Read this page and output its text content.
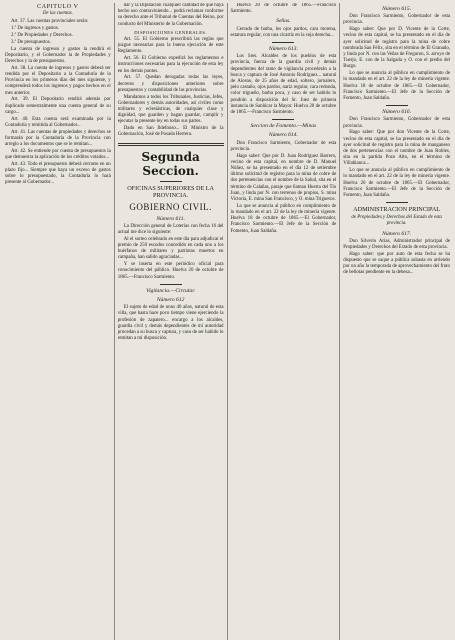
CAPITULO V
De las cuentas.

Art. 37. Las cuentas provinciales serán:

1.º De ingresos y gastos.

2.º De Propiedades y Derechos.

3.º De presupuestos.

La cuenta de ingresos y gastos la rendirá el Depositario, y el Gobernador la de Propiedades y Derechos y la de presupuestos.

Art. 38. La cuenta de ingresos y gastos deberá ser rendida por el Depositario a la Contaduría de la Provincia en los primeros días del mes siguiente, y comprenderá todos los ingresos y pagos hechos en el mes anterior.

Art. 39. El Depositario rendirá además por duplicado semestralmente una cuenta general de su cargo...

Art. 40. Esta cuenta será examinada por la Contaduría y remitida al Gobernador...

Art. 41. Las cuentas de propiedades y derechos se formarán por la Contaduría de la Provincia con arreglo a los documentos que se le remitan...

Art. 42. Se entiende por cuenta de presupuestos la que demuestra la aplicación de los créditos votados...

Art. 43. Todo el presupuesto deberá cerrarse en un plazo fijo... Siempre que haya un exceso de gastos sobre lo presupuestado, la Contaduría lo hará presente al Gobernador...

dar y la Diputación cualquier cantidad de que haya hecho uso contraviniendo... podrá reclamar conforme su derecho ante el Tribunal de Cuentas del Reino, por conducto del Ministerio de la Gobernación.

DISPOSICIONES GENERALES.

Art. 55. El Gobierno prescribirá las reglas que juzgue necesarias para la buena ejecución de este Reglamento.

Art. 56. El Gobierno expedirá los reglamentos e instrucciones necesarias para la ejecución de esta ley en los demás puntos.

Art. 57. Quedan derogadas todas las leyes, decretos y disposiciones anteriores sobre presupuestos y contabilidad de las provincias.

Mandamos a todos los Tribunales, Justicias, Jefes, Gobernadores y demás autoridades, así civiles como militares y eclesiásticas, de cualquier clase y dignidad, que guarden y hagan guardar, cumplir y ejecutar la presente ley en todas sus partes.

Dado en San Ildefonso... El Ministro de la Gobernación, José de Posada Herrera.

Segunda Seccion.
OFICINAS SUPERIORES DE LA PROVINCIA.
GOBIERNO CIVIL.
Número 611.

La Dirección general de Loterías con fecha 16 del actual me dice lo siguiente:

Al el sorteo celebrado en este día para adjudicar el premio de 250 escudos concedido en cada uno a los huérfanos de militares y patriotas muertos en campaña, han salido agraciadas...

Y se inserta en este periódico oficial para conocimiento del público. Huelva 20 de octubre de 1865.—Francisco Sarmiento.

Vigilancia.—Circular.
Número 612

El sujeto de edad de unos 40 años, natural de esta villa, que hasta hace poco tiempo viene ejerciendo la profesión de zapatero... encargo a los alcaldes, guardia civil y demás dependientes de mi autoridad procedan a su busca y captura, y caso de ser habido lo remitan a mi disposición.

Huelva 20 de octubre de 1865.—Francisco Sarmiento.

Señas.

Cerrado de barba, los ojos pardos, cara morena, estatura regular, con una cicatriz en la ceja derecha...

Número 613.

Los Sres. Alcaldes de los pueblos de esta provincia, fuerza de la guardia civil y demás dependientes del ramo de vigilancia procederán a la busca y captura de José Antonio Rodríguez... natural de Alosno, de 25 años de edad, soltero, jornalero, pelo castaño, ojos pardos, nariz regular, cara redonda, color trigueño, barba poca, y caso de ser habido lo pondrán a disposición del Sr. Juez de primera instancia de Sanlúcar la Mayor. Huelva 20 de octubre de 1865.—Francisco Sarmiento.

Seccion de Fomento.—Minas
Número 614.

Don Francisco Sarmiento, Gobernador de esta provincia.

Hago saber: Que por D. Juan Rodríguez Barrero, vecino de esta capital, en nombre de D. Manuel Núñez, se ha presentado en el día 12 de setiembre último solicitud de registro para la mina de cobre de dos pertenencias con el nombre de la Salud, sita en el término de Calañas, paraje que llaman Huerta del Tío Juan, y linda por N. con terrenos de propios, S. mina Victoria, E. mina San Francisco, y O. mina Trigueros.

Lo que se anuncia al público en cumplimiento de lo mandado en el art. 22 de la ley de minería vigente. Huelva 18 de octubre de 1865.—El Gobernador, Francisco Sarmiento.—El Jefe de la Sección de Fomento, Juan Saldaña.

Número 615.

Don Francisco Sarmiento, Gobernador de esta provincia.

Hago saber: Que por D. Vicente de la Corte, vecino de esta capital, se ha presentado en el día de ayer solicitud de registro para la mina de cobre nombrada San Félix, sita en el término de El Granado, y linda por N. con las Veñas de Freguron, S. arroyo de Tuerjo, E. con de la Salgada y O. con el predio del Burgo.

Lo que se anuncia al público en cumplimiento de lo mandado en el art. 22 de la ley de minería vigente. Huelva 18 de octubre de 1865.—El Gobernador, Francisco Sarmiento.—El Jefe de la Sección de Fomento, Juan Saldaña.

Número 616.

Don Francisco Sarmiento, Gobernador de esta provincia.

Hago saber: Que por don Vicente de la Corte, vecino de esta capital, se ha presentado en el día de ayer solicitud de registro para la mina de manganeso de dos pertenencias con el nombre de Juan Robles, sita en la partida Pozo Alto, en el término de Villablanca...

Lo que se anuncia al público en cumplimiento de lo mandado en el art. 22 de la ley de minería vigente. Huelva 20 de octubre de 1865.—El Gobernador, Francisco Sarmiento.—El Jefe de la Sección de Fomento, Juan Saldaña.

ADMINISTRACION PRINCIPAL
de Propiedades y Derechos del Estado de esta provincia.
Número 617.

Don Silverio Arias, Administrador principal de Propiedades y Derechos del Estado de esta provincia.

Hago saber: que por auto de esta fecha se ha dispuesto que se saque a pública subasta en arriendo por un año la temporada de aprovechamiento del fruto de bellotas pendiente en la dehesa...
